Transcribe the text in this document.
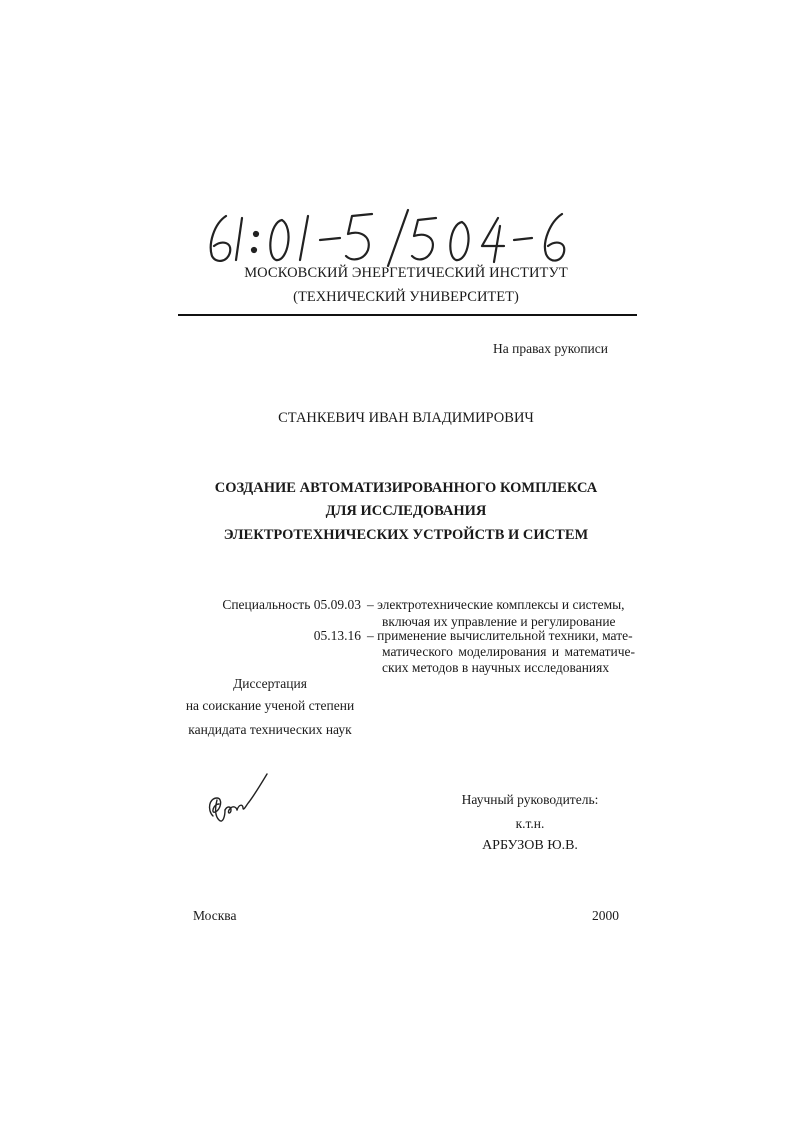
МОСКОВСКИЙ ЭНЕРГЕТИЧЕСКИЙ ИНСТИТУТ
(ТЕХНИЧЕСКИЙ УНИВЕРСИТЕТ)
На правах рукописи
СТАНКЕВИЧ ИВАН ВЛАДИМИРОВИЧ
СОЗДАНИЕ АВТОМАТИЗИРОВАННОГО КОМПЛЕКСА
ДЛЯ ИССЛЕДОВАНИЯ
ЭЛЕКТРОТЕХНИЧЕСКИХ УСТРОЙСТВ И СИСТЕМ
Специальность 05.09.03 – электротехнические комплексы и системы,
включая их управление и регулирование
05.13.16 – применение вычислительной техники, мате-
матического моделирования и математиче-
ских методов в научных исследованиях
Диссертация
на соискание ученой степени
кандидата технических наук
Научный руководитель:
к.т.н.
АРБУЗОВ Ю.В.
Москва	2000
